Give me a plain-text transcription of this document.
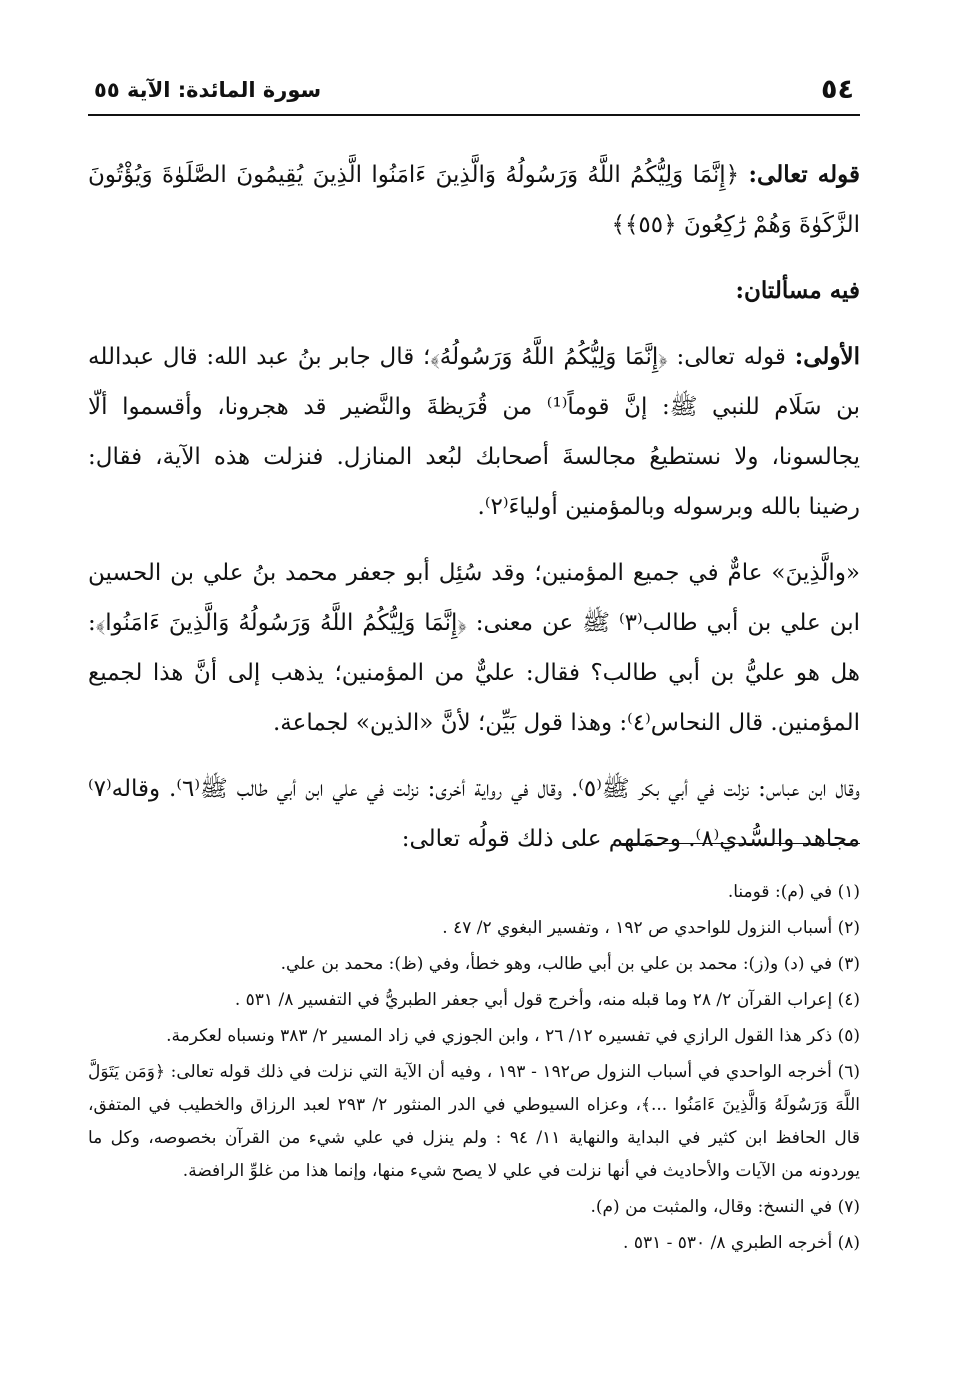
٥٤
سورة المائدة: الآية ٥٥

قوله تعالى: ﴿إِنَّمَا وَلِيُّكُمُ اللَّهُ وَرَسُولُهُ وَالَّذِينَ ءَامَنُوا الَّذِينَ يُقِيمُونَ الصَّلَوٰةَ وَيُؤْتُونَ الزَّكَوٰةَ وَهُمْ رَٰكِعُونَ ﴿٥٥﴾﴾

فيه مسألتان:

الأولى: قوله تعالى: ﴿إِنَّمَا وَلِيُّكُمُ اللَّهُ وَرَسُولُهُ﴾؛ قال جابر بنُ عبد الله: قال عبدالله بن سَلَام للنبي ﷺ: إنَّ قوماً⁽¹⁾ من قُرَيظةَ والنَّضير قد هجرونا، وأقسموا ألّا يجالسونا، ولا نستطيعُ مجالسةَ أصحابك لبُعد المنازل. فنزلت هذه الآية، فقال: رضينا بالله وبرسوله وبالمؤمنين أولياءَ⁽٢⁾.

«والَّذِينَ» عامٌّ في جميع المؤمنين؛ وقد سُئِل أبو جعفر محمد بنُ علي بن الحسين ابن علي بن أبي طالب⁽٣⁾ ﷺ عن معنى: ﴿إِنَّمَا وَلِيُّكُمُ اللَّهُ وَرَسُولُهُ وَالَّذِينَ ءَامَنُوا﴾: هل هو عليُّ بن أبي طالب؟ فقال: عليٌّ من المؤمنين؛ يذهب إلى أنَّ هذا لجميع المؤمنين. قال النحاس⁽٤⁾: وهذا قول بَيِّن؛ لأنَّ «الذين» لجماعة.

وقال ابن عباس: نزلت في أبي بكر ﷺ⁽٥⁾. وقال في رواية أخرى: نزلت في علي ابن أبي طالب ﷺ⁽٦⁾. وقاله⁽٧⁾ مجاهد والسُّدي⁽٨⁾. وحمَلهم على ذلك قولُه تعالى:

(١) في (م): قومنا.

(٢) أسباب النزول للواحدي ص ١٩٢ ، وتفسير البغوي ٢/ ٤٧ .

(٣) في (د) و(ز): محمد بن علي بن أبي طالب، وهو خطأ، وفي (ظ): محمد بن علي.

(٤) إعراب القرآن ٢/ ٢٨ وما قبله منه، وأخرج قول أبي جعفر الطبريُّ في التفسير ٨/ ٥٣١ .

(٥) ذكر هذا القول الرازي في تفسيره ١٢/ ٢٦ ، وابن الجوزي في زاد المسير ٢/ ٣٨٣ ونسباه لعكرمة.

(٦) أخرجه الواحدي في أسباب النزول ص١٩٢ - ١٩٣ ، وفيه أن الآية التي نزلت في ذلك قوله تعالى: ﴿وَمَن يَتَوَلَّ اللَّهَ وَرَسُولَهُ وَالَّذِينَ ءَامَنُوا ...﴾، وعزاه السيوطي في الدر المنثور ٢/ ٢٩٣ لعبد الرزاق والخطيب في المتفق، قال الحافظ ابن كثير في البداية والنهاية ١١/ ٩٤ : ولم ينزل في علي شيء من القرآن بخصوصه، وكل ما يوردونه من الآيات والأحاديث في أنها نزلت في علي لا يصح شيء منها، وإنما هذا من غلوِّ الرافضة.

(٧) في النسخ: وقال، والمثبت من (م).

(٨) أخرجه الطبري ٨/ ٥٣٠ - ٥٣١ .
